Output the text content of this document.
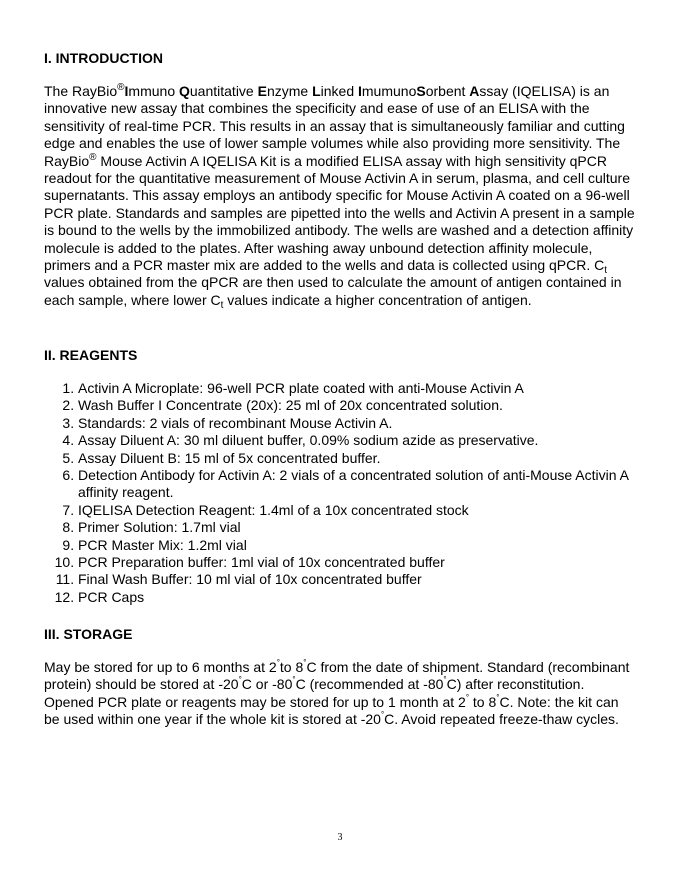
I. INTRODUCTION

The RayBio®Immuno Quantitative Enzyme Linked ImumunoSorbent Assay (IQELISA) is an innovative new assay that combines the specificity and ease of use of an ELISA with the sensitivity of real-time PCR. This results in an assay that is simultaneously familiar and cutting edge and enables the use of lower sample volumes while also providing more sensitivity. The RayBio® Mouse Activin A IQELISA Kit is a modified ELISA assay with high sensitivity qPCR readout for the quantitative measurement of Mouse Activin A in serum, plasma, and cell culture supernatants. This assay employs an antibody specific for Mouse Activin A coated on a 96-well PCR plate. Standards and samples are pipetted into the wells and Activin A present in a sample is bound to the wells by the immobilized antibody. The wells are washed and a detection affinity molecule is added to the plates. After washing away unbound detection affinity molecule, primers and a PCR master mix are added to the wells and data is collected using qPCR. $C_t$ values obtained from the qPCR are then used to calculate the amount of antigen contained in each sample, where lower $C_t$ values indicate a higher concentration of antigen.

II. REAGENTS
1. Activin A Microplate: 96-well PCR plate coated with anti-Mouse Activin A
2. Wash Buffer I Concentrate (20x): 25 ml of 20x concentrated solution.
3. Standards: 2 vials of recombinant Mouse Activin A.
4. Assay Diluent A: 30 ml diluent buffer, 0.09% sodium azide as preservative.
5. Assay Diluent B: 15 ml of 5x concentrated buffer.
6. Detection Antibody for Activin A: 2 vials of a concentrated solution of anti-Mouse Activin A affinity reagent.
7. IQELISA Detection Reagent: 1.4ml of a 10x concentrated stock
8. Primer Solution: 1.7ml vial
9. PCR Master Mix: 1.2ml vial
10. PCR Preparation buffer: 1ml vial of 10x concentrated buffer
11. Final Wash Buffer: 10 ml vial of 10x concentrated buffer
12. PCR Caps
III. STORAGE

May be stored for up to 6 months at 2°to 8°C from the date of shipment. Standard (recombinant protein) should be stored at -20°C or -80°C (recommended at -80°C) after reconstitution. Opened PCR plate or reagents may be stored for up to 1 month at 2° to 8°C. Note: the kit can be used within one year if the whole kit is stored at -20°C. Avoid repeated freeze-thaw cycles.

3
